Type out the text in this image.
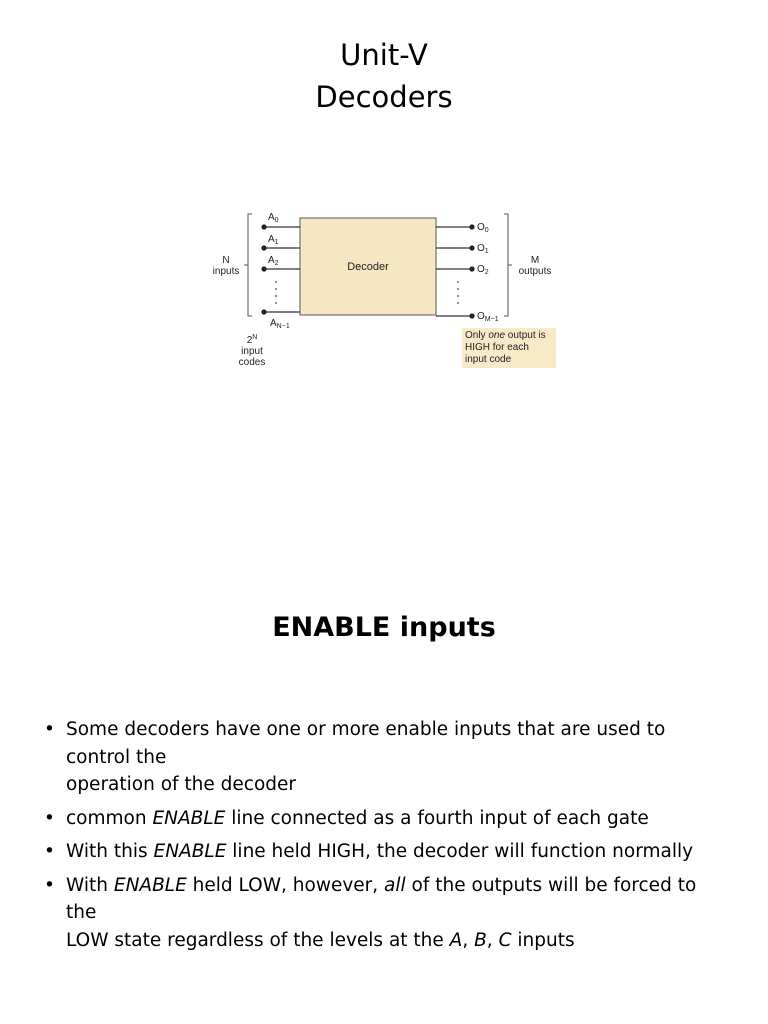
Unit-V
Decoders
$A_0$
$A_1$
$A_2$
$A_{N-1}$
$O_0$
$O_1$
$O_2$
$O_{M-1}$
N
inputs
M
outputs
Decoder
$2^N$
input
codes
Only one output is HIGH for each input code
ENABLE inputs
• Some decoders have one or more enable inputs that are used to
control the
operation of the decoder
• common ENABLE line connected as a fourth input of each gate
• With this ENABLE line held HIGH, the decoder will function normally
• With ENABLE held LOW, however, all of the outputs will be forced to
the
LOW state regardless of the levels at the A, B, C inputs
